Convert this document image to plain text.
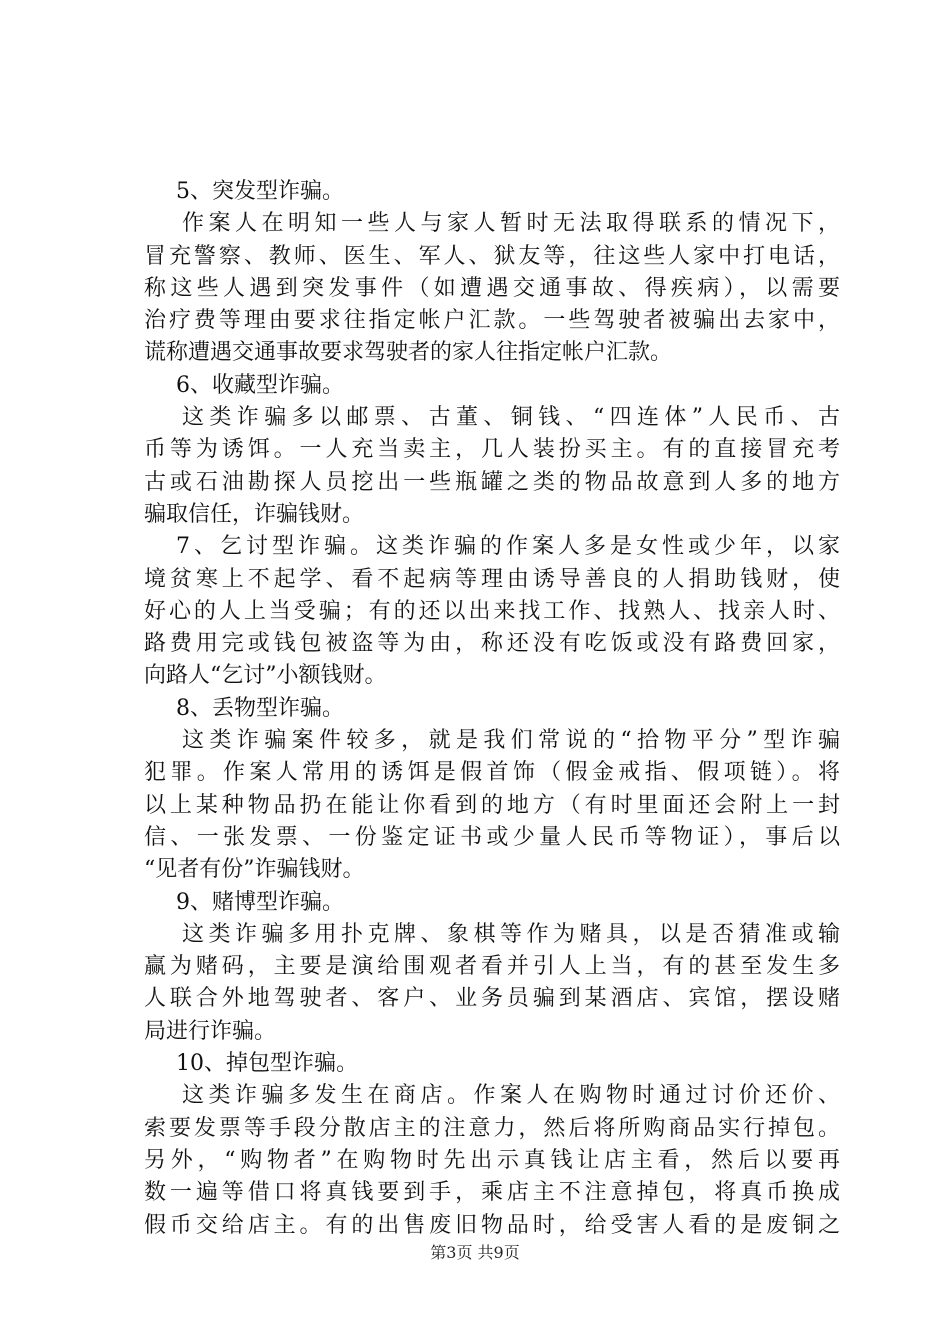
5、突发型诈骗。
作案人在明知一些人与家人暂时无法取得联系的情况下，
冒充警察、教师、医生、军人、狱友等，往这些人家中打电话，
称这些人遇到突发事件（如遭遇交通事故、得疾病），以需要
治疗费等理由要求往指定帐户汇款。一些驾驶者被骗出去家中，
谎称遭遇交通事故要求驾驶者的家人往指定帐户汇款。
6、收藏型诈骗。
这类诈骗多以邮票、古董、铜钱、“四连体”人民币、古
币等为诱饵。一人充当卖主，几人装扮买主。有的直接冒充考
古或石油勘探人员挖出一些瓶罐之类的物品故意到人多的地方
骗取信任，诈骗钱财。
7、乞讨型诈骗。这类诈骗的作案人多是女性或少年，以家
境贫寒上不起学、看不起病等理由诱导善良的人捐助钱财，使
好心的人上当受骗；有的还以出来找工作、找熟人、找亲人时、
路费用完或钱包被盗等为由，称还没有吃饭或没有路费回家，
向路人“乞讨”小额钱财。
8、丢物型诈骗。
这类诈骗案件较多，就是我们常说的“拾物平分”型诈骗
犯罪。作案人常用的诱饵是假首饰（假金戒指、假项链）。将
以上某种物品扔在能让你看到的地方（有时里面还会附上一封
信、一张发票、一份鉴定证书或少量人民币等物证），事后以
“见者有份”诈骗钱财。
9、赌博型诈骗。
这类诈骗多用扑克牌、象棋等作为赌具，以是否猜准或输
赢为赌码，主要是演给围观者看并引人上当，有的甚至发生多
人联合外地驾驶者、客户、业务员骗到某酒店、宾馆，摆设赌
局进行诈骗。
10、掉包型诈骗。
这类诈骗多发生在商店。作案人在购物时通过讨价还价、
索要发票等手段分散店主的注意力，然后将所购商品实行掉包。
另外，“购物者”在购物时先出示真钱让店主看，然后以要再
数一遍等借口将真钱要到手，乘店主不注意掉包，将真币换成
假币交给店主。有的出售废旧物品时，给受害人看的是废铜之
第3页 共9页
